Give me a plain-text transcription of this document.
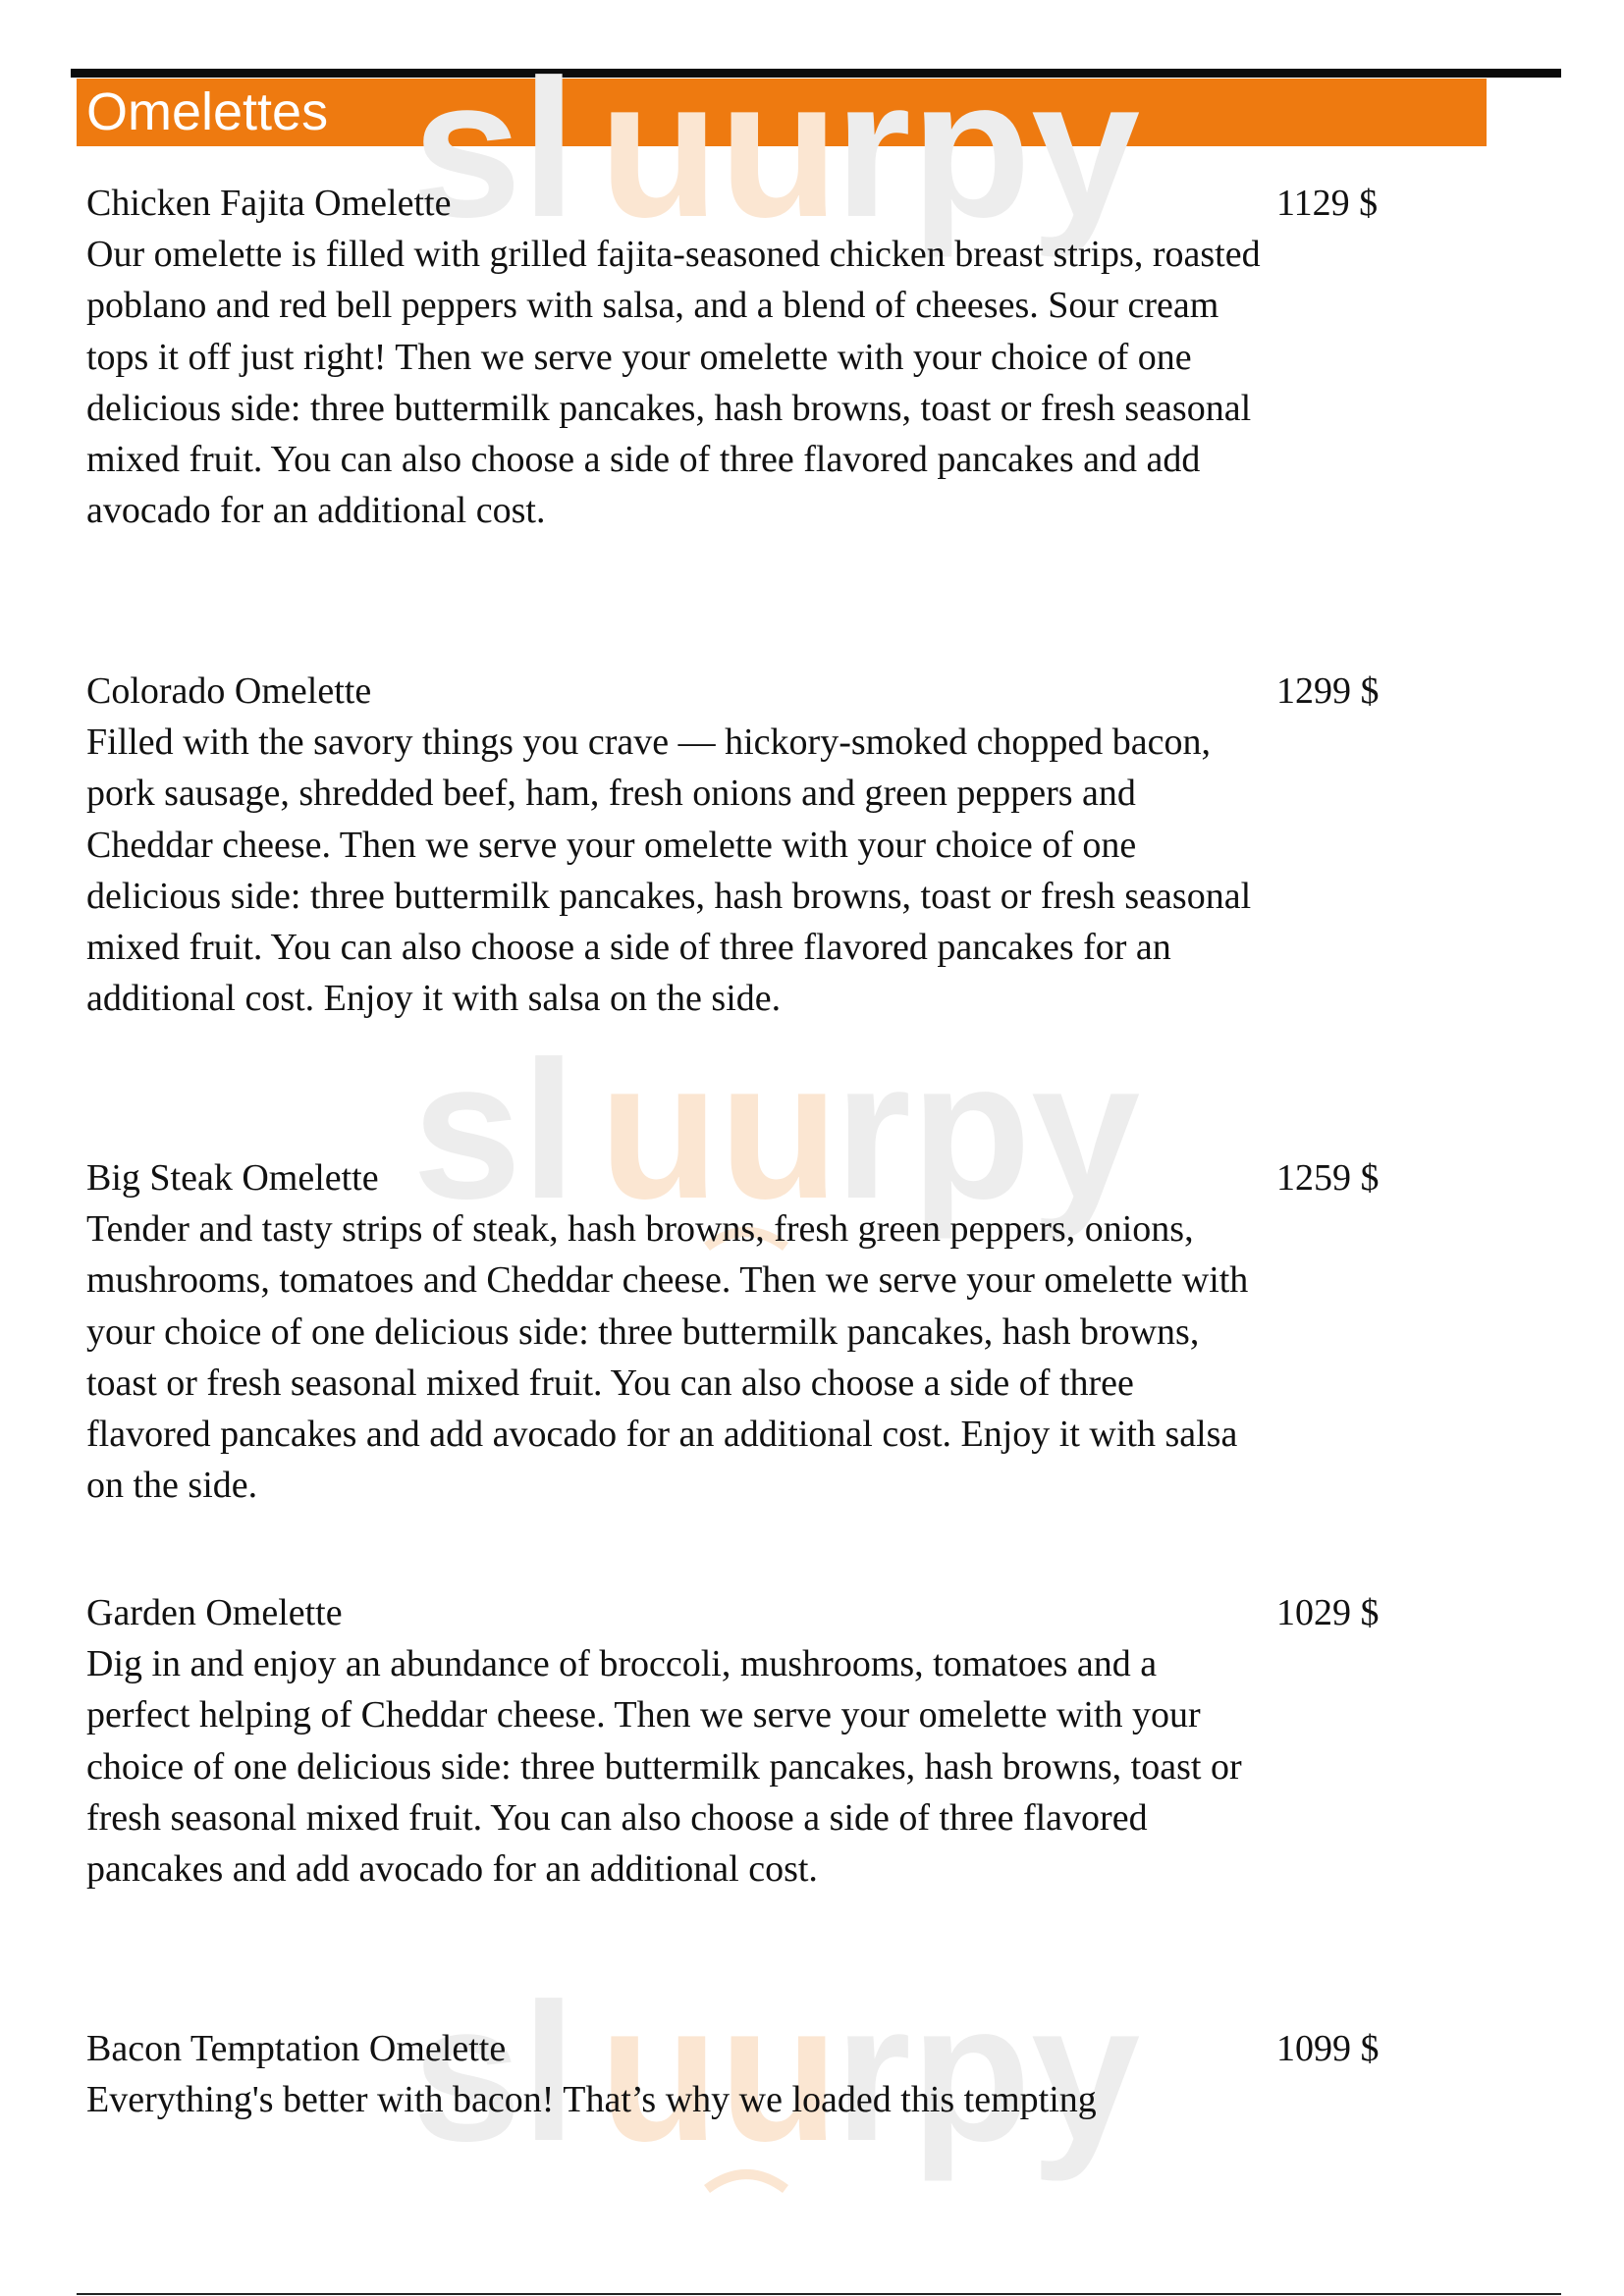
Omelettes sl uu
rpy
sl uu
rpy
sl uu
rpy
Chicken Fajita Omelette	1129 $

Our omelette is filled with grilled fajita-seasoned chicken breast strips, roasted poblano and red bell peppers with salsa, and a blend of cheeses. Sour cream tops it off just right! Then we serve your omelette with your choice of one delicious side: three buttermilk pancakes, hash browns, toast or fresh seasonal mixed fruit. You can also choose a side of three flavored pancakes and add avocado for an additional cost.

Colorado Omelette	1299 $

Filled with the savory things you crave — hickory-smoked chopped bacon, pork sausage, shredded beef, ham, fresh onions and green peppers and Cheddar cheese. Then we serve your omelette with your choice of one delicious side: three buttermilk pancakes, hash browns, toast or fresh seasonal mixed fruit. You can also choose a side of three flavored pancakes for an additional cost. Enjoy it with salsa on the side.

Big Steak Omelette	1259 $

Tender and tasty strips of steak, hash browns, fresh green peppers, onions, mushrooms, tomatoes and Cheddar cheese. Then we serve your omelette with your choice of one delicious side: three buttermilk pancakes, hash browns, toast or fresh seasonal mixed fruit. You can also choose a side of three flavored pancakes and add avocado for an additional cost. Enjoy it with salsa on the side.

Garden Omelette	1029 $

Dig in and enjoy an abundance of broccoli, mushrooms, tomatoes and a perfect helping of Cheddar cheese. Then we serve your omelette with your choice of one delicious side: three buttermilk pancakes, hash browns, toast or fresh seasonal mixed fruit. You can also choose a side of three flavored pancakes and add avocado for an additional cost.

Bacon Temptation Omelette	1099 $

Everything's better with bacon! That’s why we loaded this tempting
